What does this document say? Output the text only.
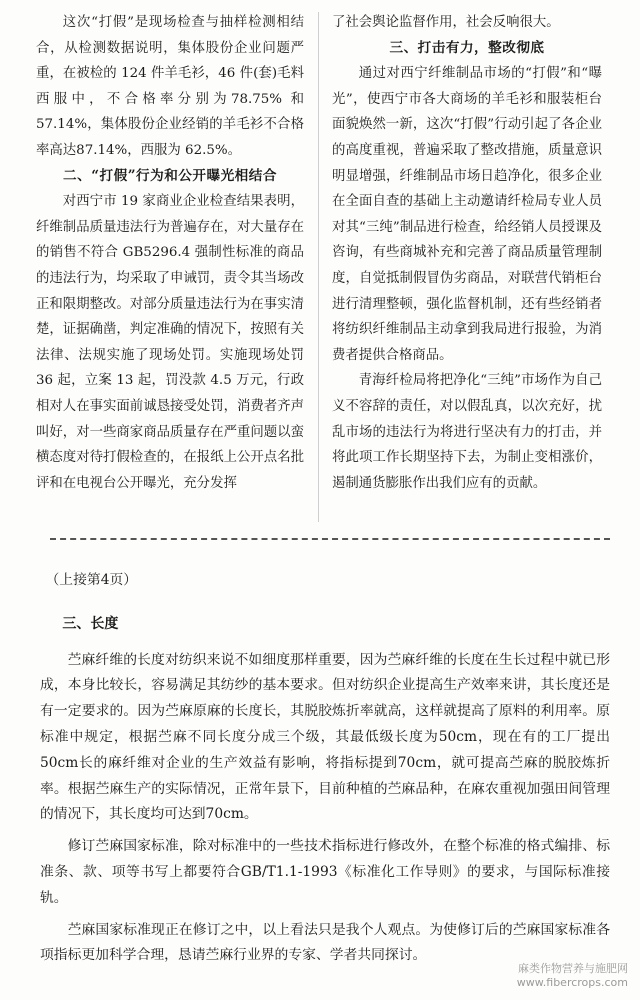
这次“打假”是现场检查与抽样检测相结合，从检测数据说明，集体股份企业问题严重，在被检的 124 件羊毛衫，46 件(套)毛料西服中，不合格率分别为78.75% 和 57.14%，集体股份企业经销的羊毛衫不合格率高达87.14%，西服为 62.5%。

二、“打假”行为和公开曝光相结合

对西宁市 19 家商业企业检查结果表明，纤维制品质量违法行为普遍存在，对大量存在的销售不符合 GB5296.4 强制性标准的商品的违法行为，均采取了申诫罚，责令其当场改正和限期整改。对部分质量违法行为在事实清楚，证据确凿，判定准确的情况下，按照有关法律、法规实施了现场处罚。实施现场处罚 36 起，立案 13 起，罚没款 4.5 万元，行政相对人在事实面前诚恳接受处罚，消费者齐声叫好，对一些商家商品质量存在严重问题以蛮横态度对待打假检查的，在报纸上公开点名批评和在电视台公开曝光，充分发挥

了社会舆论监督作用，社会反响很大。

三、打击有力，整改彻底

通过对西宁纤维制品市场的“打假”和“曝光”，使西宁市各大商场的羊毛衫和服装柜台面貌焕然一新，这次“打假”行动引起了各企业的高度重视，普遍采取了整改措施，质量意识明显增强，纤维制品市场日趋净化，很多企业在全面自查的基础上主动邀请纤检局专业人员对其“三纯”制品进行检查，给经销人员授课及咨询，有些商城补充和完善了商品质量管理制度，自觉抵制假冒伪劣商品，对联营代销柜台进行清理整顿，强化监督机制，还有些经销者将纺织纤维制品主动拿到我局进行报验，为消费者提供合格商品。

青海纤检局将把净化“三纯”市场作为自己义不容辞的责任，对以假乱真，以次充好，扰乱市场的违法行为将进行坚决有力的打击，并将此项工作长期坚持下去，为制止变相涨价，遏制通货膨胀作出我们应有的贡献。

（上接第4页）

三、长度

苎麻纤维的长度对纺织来说不如细度那样重要，因为苎麻纤维的长度在生长过程中就已形成，本身比较长，容易满足其纺纱的基本要求。但对纺织企业提高生产效率来讲，其长度还是有一定要求的。因为苎麻原麻的长度长，其脱胶炼折率就高，这样就提高了原料的利用率。原标准中规定，根据苎麻不同长度分成三个级，其最低级长度为50cm，现在有的工厂提出50cm长的麻纤维对企业的生产效益有影响，将指标提到70cm，就可提高苎麻的脱胶炼折率。根据苎麻生产的实际情况，正常年景下，目前种植的苎麻品种，在麻农重视加强田间管理的情况下，其长度均可达到70cm。

修订苎麻国家标准，除对标准中的一些技术指标进行修改外，在整个标准的格式编排、标准条、款、项等书写上都要符合GB/T1.1-1993《标准化工作导则》的要求，与国际标准接轨。

苎麻国家标准现正在修订之中，以上看法只是我个人观点。为使修订后的苎麻国家标准各项指标更加科学合理，恳请苎麻行业界的专家、学者共同探讨。

麻类作物营养与施肥网
www.fibercrops.com
